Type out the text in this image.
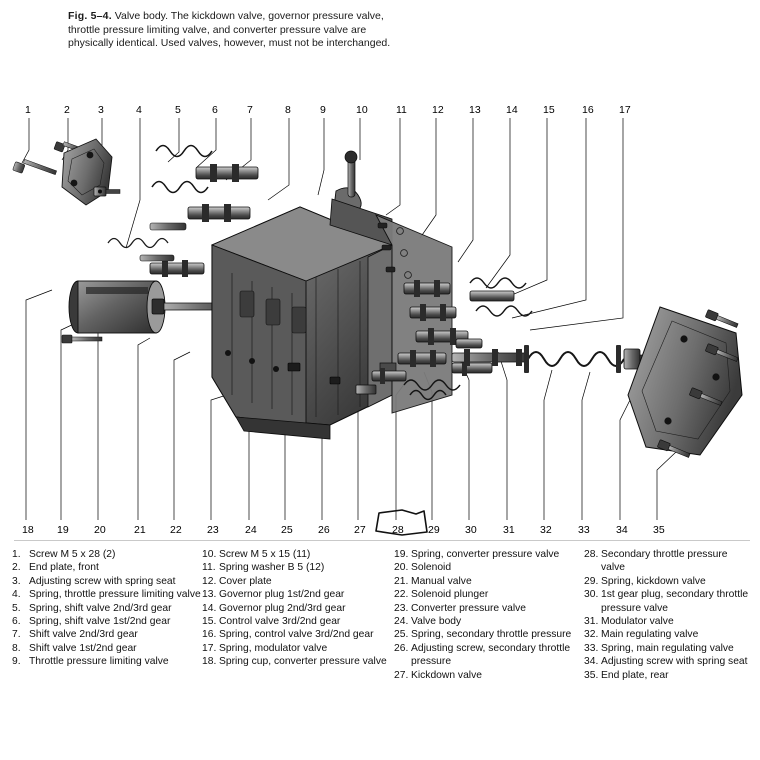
Fig. 5–4. Valve body. The kickdown valve, governor pressure valve, throttle pressure limiting valve, and converter pressure valve are physically identical. Used valves, however, must not be interchanged.
1	2	3	4	5	6	7	8	9	10	11 12 13 14 15	16 17
18 19 20	21 22 23	24 25 26 27	28 29 30	31 32	33	34 35
1. Screw M 5 x 28 (2)
2. End plate, front
3. Adjusting screw with spring seat
4. Spring, throttle pressure limiting valve
5. Spring, shift valve 2nd/3rd gear
6. Spring, shift valve 1st/2nd gear
7. Shift valve 2nd/3rd gear
8. Shift valve 1st/2nd gear
9. Throttle pressure limiting valve
10. Screw M 5 x 15 (11)
11. Spring washer B 5 (12)
12. Cover plate
13. Governor plug 1st/2nd gear
14. Governor plug 2nd/3rd gear
15. Control valve 3rd/2nd gear
16. Spring, control valve 3rd/2nd gear
17. Spring, modulator valve
18. Spring cup, converter pressure valve
19. Spring, converter pressure valve
20. Solenoid
21. Manual valve
22. Solenoid plunger
23. Converter pressure valve
24. Valve body
25. Spring, secondary throttle pressure
26. Adjusting screw, secondary throttle pressure
27. Kickdown valve
28. Secondary throttle pressure valve
29. Spring, kickdown valve
30. 1st gear plug, secondary throttle pressure valve
31. Modulator valve
32. Main regulating valve
33. Spring, main regulating valve
34. Adjusting screw with spring seat
35. End plate, rear
